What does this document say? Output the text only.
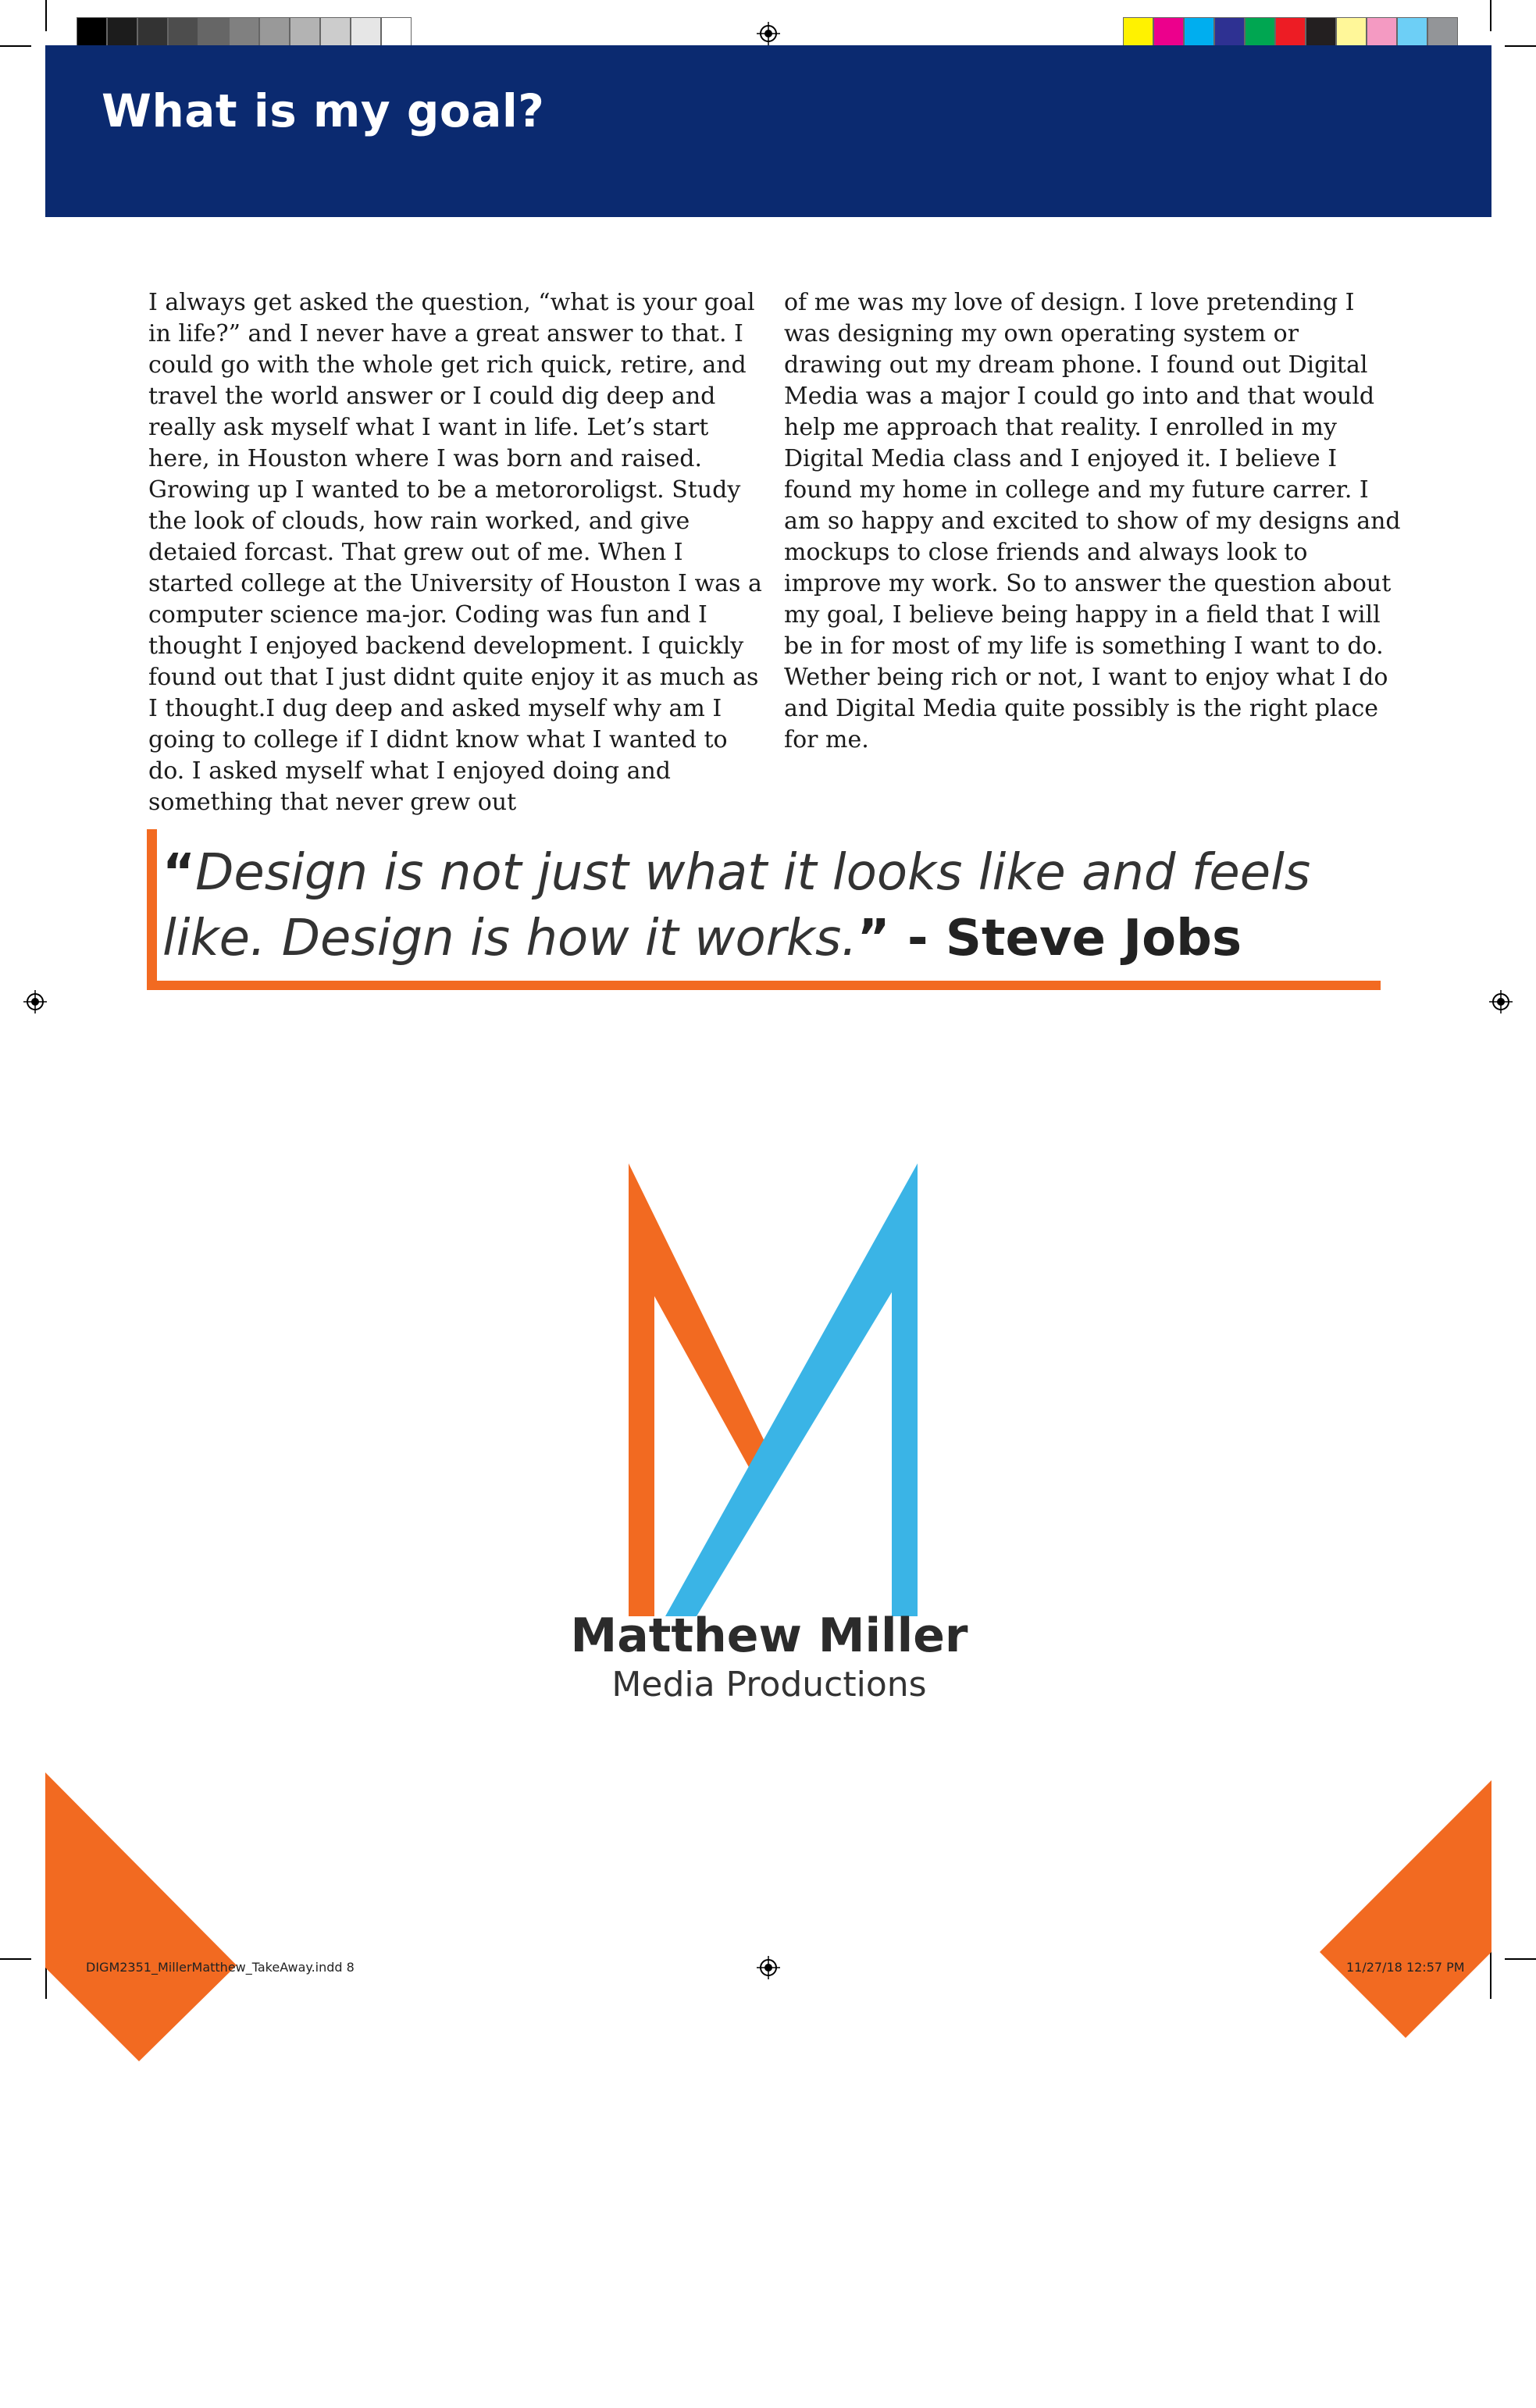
What is my goal?

I always get asked the question, “what is your goal in life?” and I never have a great answer to that. I could go with the whole get rich quick, retire, and travel the world answer or I could dig deep and really ask myself what I want in life. Let’s start here, in Houston where I was born and raised. Growing up I wanted to be a metororoligst. Study the look of clouds, how rain worked, and give detaied forcast. That grew out of me. When I started college at the University of Houston I was a computer science ma-jor. Coding was fun and I thought I enjoyed backend development. I quickly found out that I just didnt quite enjoy it as much as I thought.I dug deep and asked myself why am I going to college if I didnt know what I wanted to do. I asked myself what I enjoyed doing and something that never grew out

of me was my love of design. I love pretending I was designing my own operating system or drawing out my dream phone. I found out Digital Media was a major I could go into and that would help me approach that reality. I enrolled in my Digital Media class and I enjoyed it. I believe I found my home in college and my future carrer. I am so happy and excited to show of my designs and mockups to close friends and always look to improve my work. So to answer the question about my goal, I believe being happy in a field that I will be in for most of my life is something I want to do. Wether being rich or not, I want to enjoy what I do and Digital Media quite possibly is the right place for me.

“Design is not just what it looks like and feels like. Design is how it works.” - Steve Jobs

Matthew Miller

Media Productions

DIGM2351_MillerMatthew_TakeAway.indd 8	11/27/18 12:57 PM
